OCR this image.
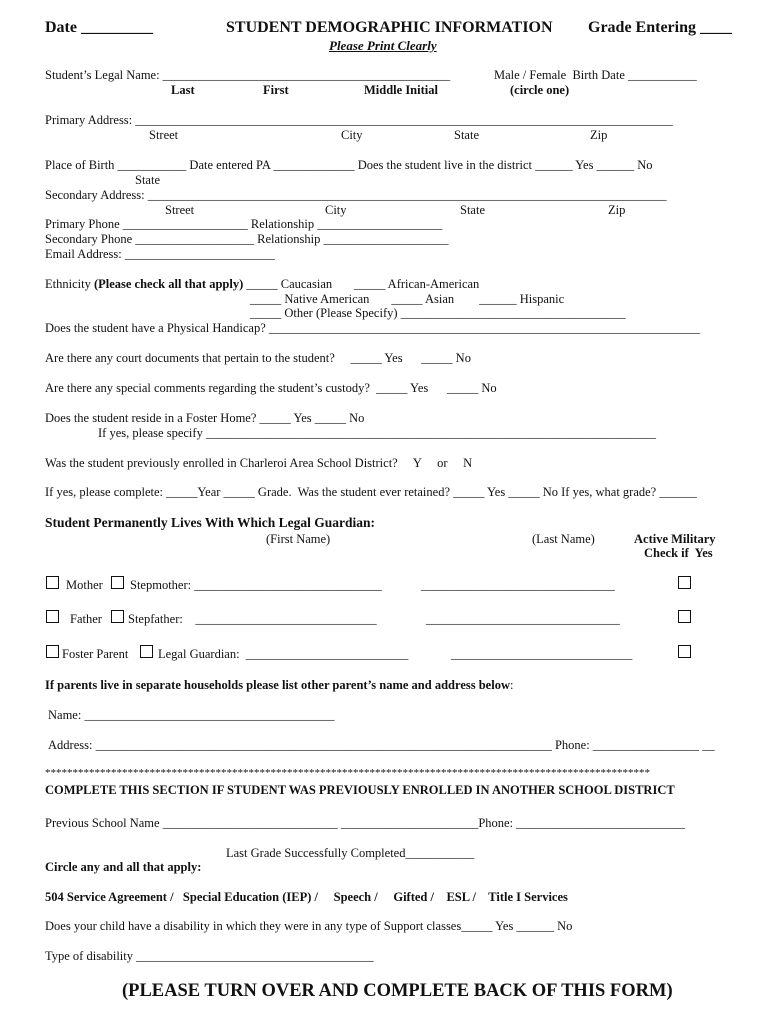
Date _________	STUDENT DEMOGRAPHIC INFORMATION
Please Print Clearly
Grade Entering ____
Student’s Legal Name: ______________________________________________	Male / Female  Birth Date ___________
Last	First	Middle Initial	(circle one)
Primary Address: ______________________________________________________________________________________
Street	City	State	Zip
Place of Birth ___________ Date entered PA _____________ Does the student live in the district ______ Yes ______ No
State
Secondary Address: ___________________________________________________________________________________
Street	City	State	Zip
Primary Phone ____________________ Relationship ____________________
Secondary Phone ___________________ Relationship ____________________
Email Address: ________________________
Ethnicity (Please check all that apply) _____ Caucasian       _____ African-American
_____ Native American       _____ Asian        ______ Hispanic
_____ Other (Please Specify) ____________________________________
Does the student have a Physical Handicap? _____________________________________________________________________
Are there any court documents that pertain to the student?     _____ Yes      _____ No
Are there any special comments regarding the student’s custody?  _____ Yes      _____ No
Does the student reside in a Foster Home? _____ Yes _____ No
If yes, please specify ________________________________________________________________________
Was the student previously enrolled in Charleroi Area School District?     Y     or     N
If yes, please complete: _____Year _____ Grade.  Was the student ever retained? _____ Yes _____ No If yes, what grade? ______
Student Permanently Lives With Which Legal Guardian:
(First Name)	(Last Name)	Active Military
Check if  Yes
Mother Stepmother: ______________________________	_______________________________
Father Stepfather:    _____________________________	_______________________________
Foster Parent Legal Guardian:  __________________________	_____________________________
If parents live in separate households please list other parent’s name and address below:
Name: ________________________________________
Address: _________________________________________________________________________ Phone: _________________ __
**************************************************************************************************************
COMPLETE THIS SECTION IF STUDENT WAS PREVIOUSLY ENROLLED IN ANOTHER SCHOOL DISTRICT
Previous School Name ____________________________ ______________________Phone: ___________________________
Last Grade Successfully Completed___________
Circle any and all that apply:
504 Service Agreement /   Special Education (IEP) /     Speech /     Gifted /    ESL /    Title I Services
Does your child have a disability in which they were in any type of Support classes_____ Yes ______ No
Type of disability ______________________________________
(PLEASE TURN OVER AND COMPLETE BACK OF THIS FORM)
